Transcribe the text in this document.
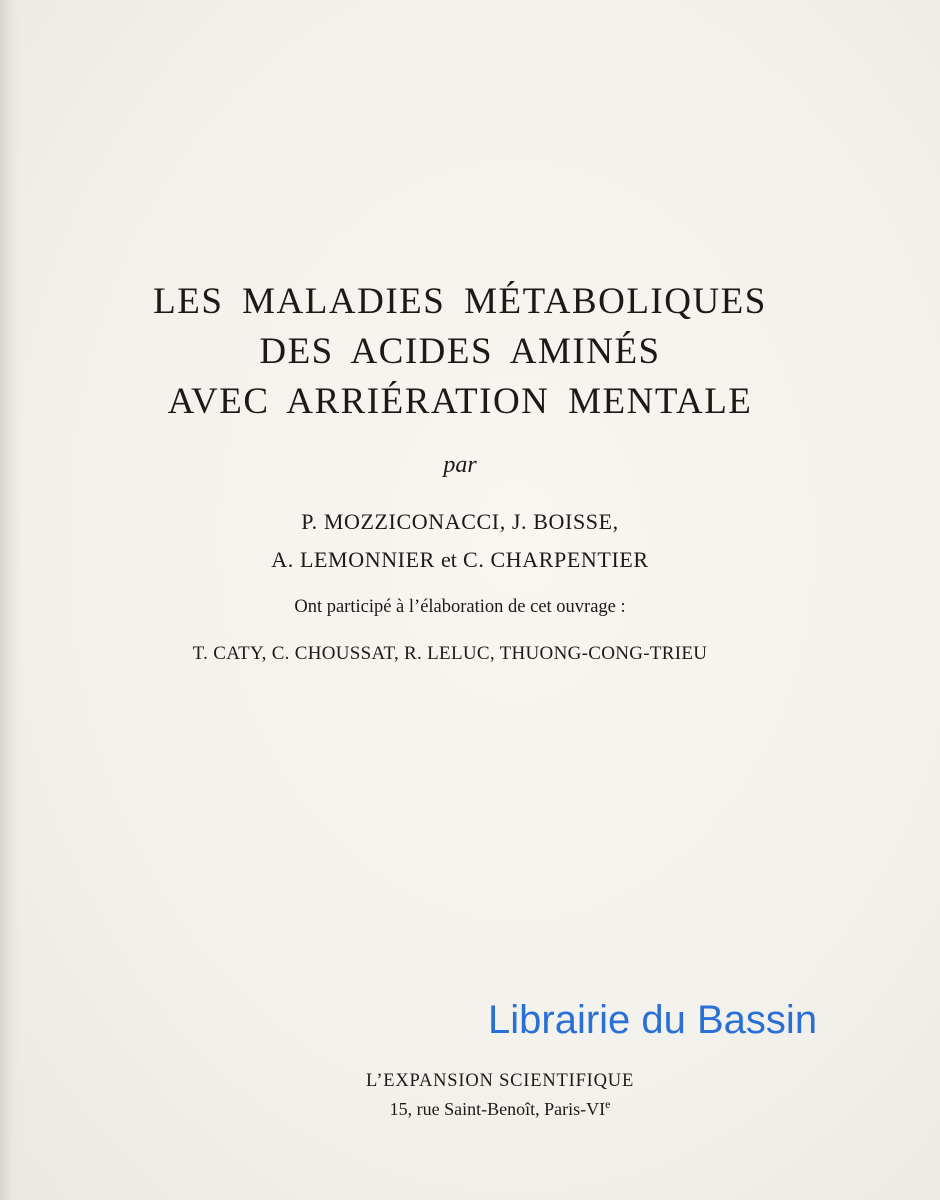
LES MALADIES MÉTABOLIQUES
DES ACIDES AMINÉS
AVEC ARRIÉRATION MENTALE
par
P. MOZZICONACCI, J. BOISSE,
A. LEMONNIER et C. CHARPENTIER
Ont participé à l’élaboration de cet ouvrage :
T. CATY, C. CHOUSSAT, R. LELUC, THUONG-CONG-TRIEU
Librairie du Bassin
L’EXPANSION SCIENTIFIQUE
15, rue Saint-Benoît, Paris-VIe
